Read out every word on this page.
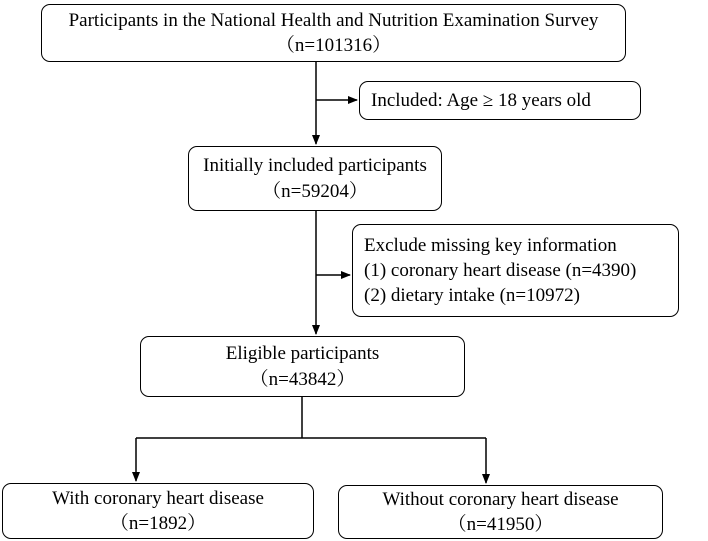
Participants in the National Health and Nutrition Examination Survey
（n=101316）
Included: Age ≥ 18 years old
Initially included participants
（n=59204）
Exclude missing key information
(1) coronary heart disease (n=4390)
(2) dietary intake (n=10972)
Eligible participants
（n=43842）
With coronary heart disease
（n=1892）
Without coronary heart disease
（n=41950）
